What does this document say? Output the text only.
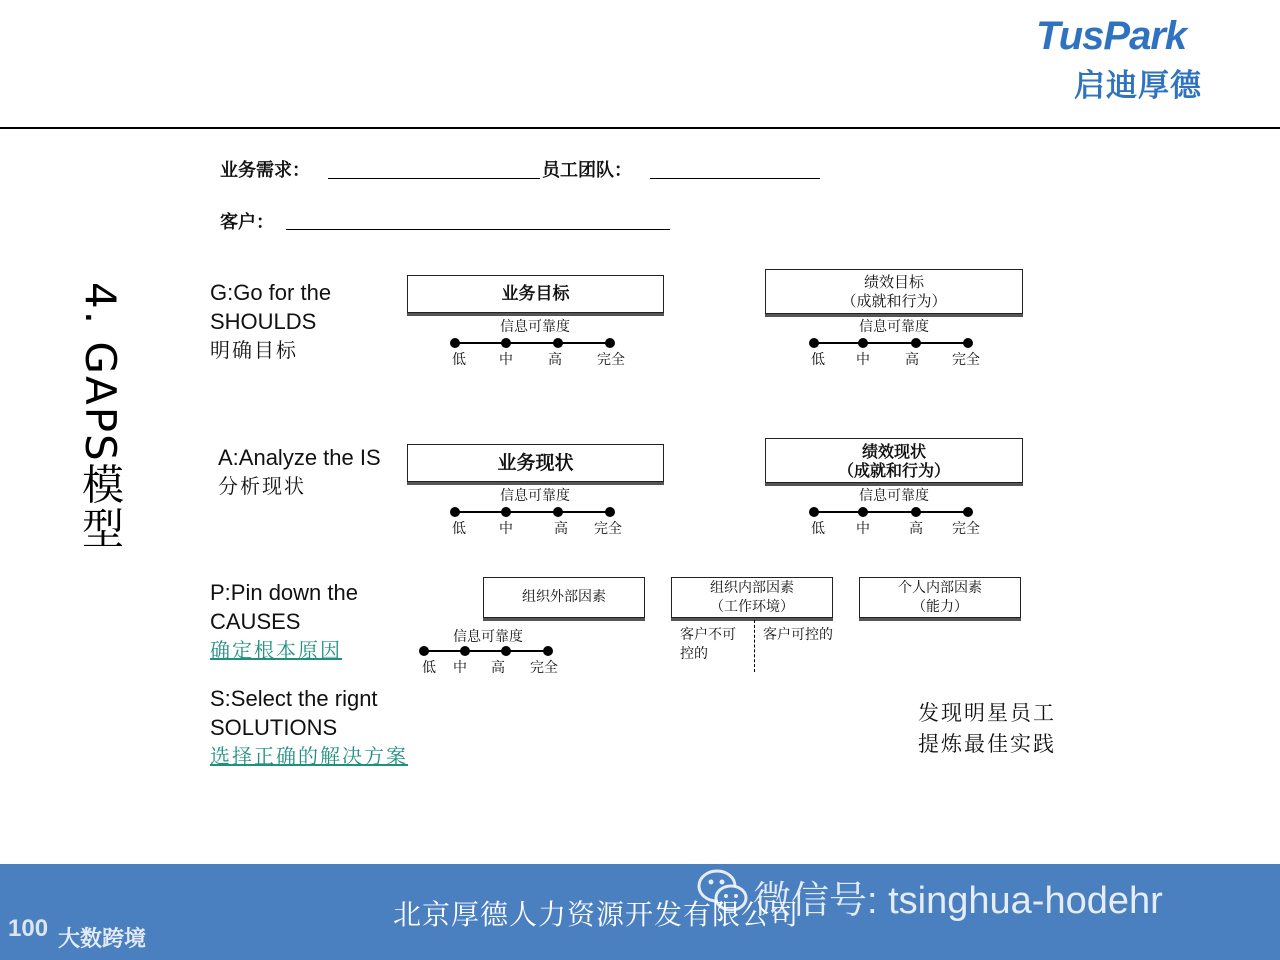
TusPark
启迪厚德
业务需求：	员工团队：
客户：
4. GAPS模型	G:Go for the
SHOULDS
明确目标
A:Analyze the IS
分析现状
P:Pin down the
CAUSES
确定根本原因
S:Select the rignt
SOLUTIONS
选择正确的解决方案
业务目标
绩效目标
（成就和行为）
信息可靠度
低	中	高	完全
信息可靠度
低	中	高	完全
业务现状
绩效现状
（成就和行为）
信息可靠度
低	中	高	完全
信息可靠度
低	中	高	完全
组织外部因素
组织内部因素
（工作环境）
个人内部因素
（能力）
信息可靠度
低	中	高	完全
客户不可
控的
客户可控的
发现明星员工
提炼最佳实践
微信号: tsinghua-hodehr
北京厚德人力资源开发有限公司
100 大数跨境
